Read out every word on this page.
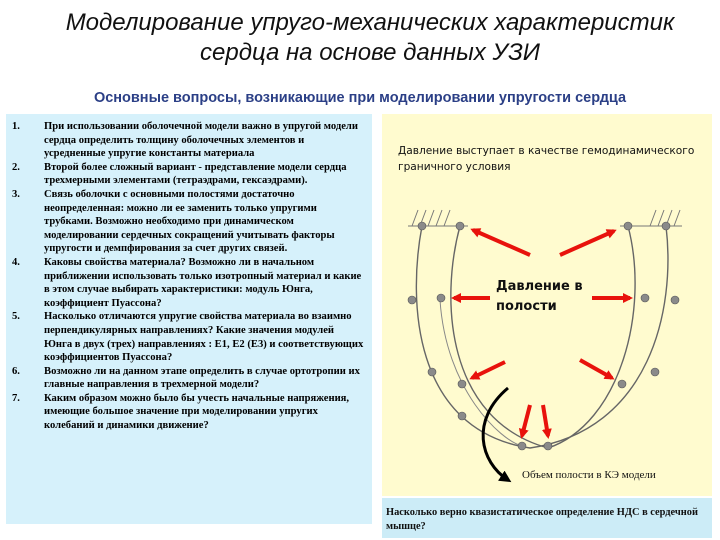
Моделирование упруго-механических характеристик сердца на основе данных УЗИ
Основные вопросы, возникающие при моделировании упругости сердца
1.	При использовании оболочечной модели важно в упругой модели сердца определить толщину оболочечных элементов и усредненные упругие константы материала
2.	Второй более сложный вариант - представление модели сердца трехмерными элементами (тетраэдрами, гексаэдрами).
3.	Связь оболочки с основными полостями достаточно неопределенная: можно ли ее заменить только упругими трубками. Возможно необходимо при динамическом моделировании сердечных сокращений учитывать факторы упругости и демпфирования за счет других связей.
4.	Каковы свойства материала? Возможно ли в начальном приближении использовать только изотропный материал и какие в этом случае выбирать характеристики: модуль Юнга, коэффициент Пуассона?
5.	Насколько отличаются упругие свойства материала во взаимно перпендикулярных направлениях? Какие значения модулей Юнга в двух (трех) направлениях : Е1, Е2 (Е3) и соответствующих коэффициентов Пуассона?
6.	Возможно ли на данном этапе определить в случае ортотропии их главные направления в трехмерной модели?
7.	Каким образом можно было бы учесть начальные напряжения, имеющие большое значение при моделировании упругих колебаний и динамики движение?
Давление выступает в качестве гемодинамического граничного условия
Давление в полости
Объем полости в КЭ модели
Насколько верно квазистатическое определение НДС в сердечной мышце?
